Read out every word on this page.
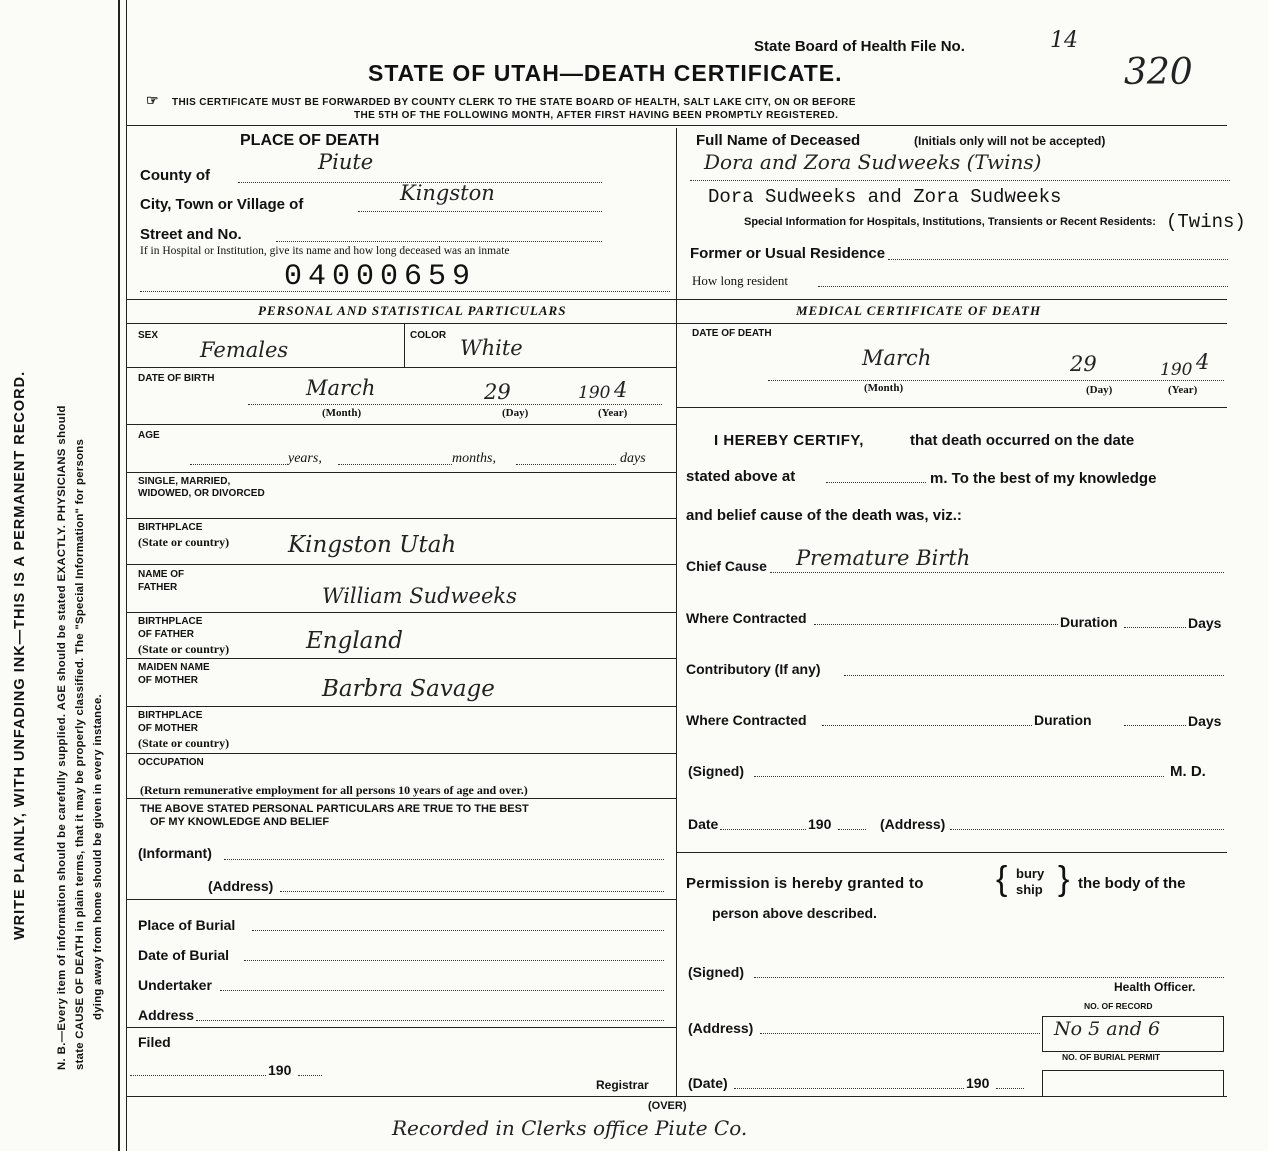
WRITE PLAINLY, WITH UNFADING INK—THIS IS A PERMANENT RECORD. N. B.—Every item of information should be carefully supplied. AGE should be stated EXACTLY. PHYSICIANS should state CAUSE OF DEATH in plain terms, that it may be properly classified. The "Special Information" for persons dying away from home should be given in every instance.
State Board of Health File No.	14
STATE OF UTAH—DEATH CERTIFICATE.	320
☞ THIS CERTIFICATE MUST BE FORWARDED BY COUNTY CLERK TO THE STATE BOARD OF HEALTH, SALT LAKE CITY, ON OR BEFORE
THE 5TH OF THE FOLLOWING MONTH, AFTER FIRST HAVING BEEN PROMPTLY REGISTERED.
PLACE OF DEATH
County of
Piute
City, Town or Village of	Kingston
Street and No.
If in Hospital or Institution, give its name and how long deceased was an inmate
04000659
Full Name of Deceased	(Initials only will not be accepted)
Dora and Zora Sudweeks (Twins)
Dora Sudweeks and Zora Sudweeks
Special Information for Hospitals, Institutions, Transients or Recent Residents: (Twins)
Former or Usual Residence
How long resident
PERSONAL AND STATISTICAL PARTICULARS
SEX
Females
COLOR
White
DATE OF BIRTH	March	29	190 4
(Month)	(Day)	(Year)
AGE
years,	months,	days
SINGLE, MARRIED,
WIDOWED, OR DIVORCED
BIRTHPLACE
(State or country)	Kingston Utah
NAME OF
FATHER	William Sudweeks
BIRTHPLACE
OF FATHER
(State or country)	England
MAIDEN NAME
OF MOTHER	Barbra Savage
BIRTHPLACE
OF MOTHER
(State or country)
OCCUPATION
(Return remunerative employment for all persons 10 years of age and over.)
THE ABOVE STATED PERSONAL PARTICULARS ARE TRUE TO THE BEST
OF MY KNOWLEDGE AND BELIEF
(Informant)
(Address)
Place of Burial
Date of Burial
Undertaker
Address
Filed
190
Registrar
MEDICAL CERTIFICATE OF DEATH
DATE OF DEATH
March	29	190 4
(Month)	(Day)	(Year)
I HEREBY CERTIFY,	that death occurred on the date
stated above at	m. To the best of my knowledge
and belief cause of the death was, viz.:
Chief Cause Premature Birth
Where Contracted	Duration	Days
Contributory (If any)
Where Contracted	Duration	Days
(Signed)	M. D.
Date	190	(Address)
Permission is hereby granted to { bury
ship } the body of the
person above described.
(Signed)
Health Officer.
NO. OF RECORD
(Address)	No 5 and 6
NO. OF BURIAL PERMIT
(Date)	190
(OVER)
Recorded in Clerks office Piute Co.
